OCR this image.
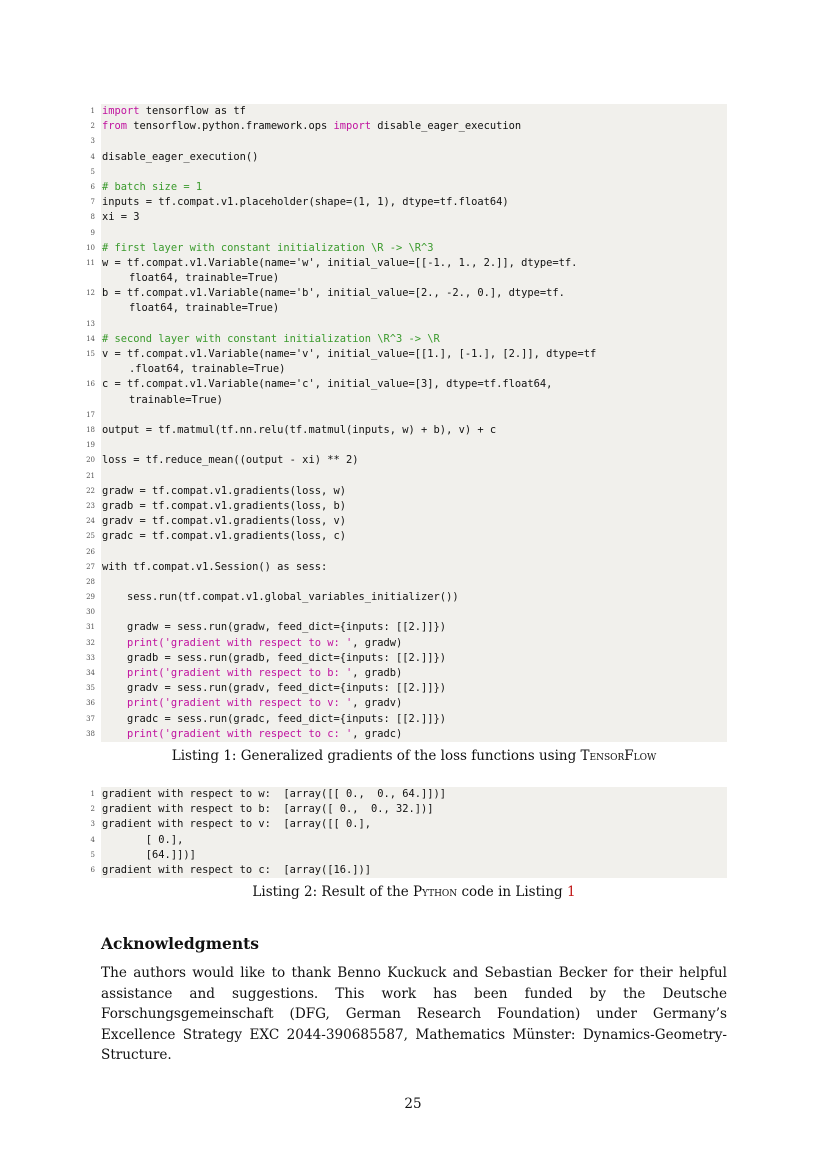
1 import tensorflow as tf
2 from tensorflow.python.framework.ops import disable_eager_execution
3
4 disable_eager_execution()
5
6 # batch size = 1
7 inputs = tf.compat.v1.placeholder(shape=(1, 1), dtype=tf.float64)
8 xi = 3
9
10 # first layer with constant initialization \R -> \R^3
11 w = tf.compat.v1.Variable(name='w', initial_value=[[-1., 1., 2.]], dtype=tf.
float64, trainable=True)
12 b = tf.compat.v1.Variable(name='b', initial_value=[2., -2., 0.], dtype=tf.
float64, trainable=True)
13
14 # second layer with constant initialization \R^3 -> \R
15 v = tf.compat.v1.Variable(name='v', initial_value=[[1.], [-1.], [2.]], dtype=tf
.float64, trainable=True)
16 c = tf.compat.v1.Variable(name='c', initial_value=[3], dtype=tf.float64,
trainable=True)
17
18 output = tf.matmul(tf.nn.relu(tf.matmul(inputs, w) + b), v) + c
19
20 loss = tf.reduce_mean((output - xi) ** 2)
21
22 gradw = tf.compat.v1.gradients(loss, w)
23 gradb = tf.compat.v1.gradients(loss, b)
24 gradv = tf.compat.v1.gradients(loss, v)
25 gradc = tf.compat.v1.gradients(loss, c)
26
27 with tf.compat.v1.Session() as sess:
28
29 sess.run(tf.compat.v1.global_variables_initializer())
30
31 gradw = sess.run(gradw, feed_dict={inputs: [[2.]]})
32	print('gradient with respect to w: ', gradw)
33 gradb = sess.run(gradb, feed_dict={inputs: [[2.]]})
34	print('gradient with respect to b: ', gradb)
35 gradv = sess.run(gradv, feed_dict={inputs: [[2.]]})
36	print('gradient with respect to v: ', gradv)
37 gradc = sess.run(gradc, feed_dict={inputs: [[2.]]})
38	print('gradient with respect to c: ', gradc)
Listing 1: Generalized gradients of the loss functions using TensorFlow
1 gradient with respect to w:  [array([[ 0.,  0., 64.]])]
2 gradient with respect to b:  [array([ 0.,  0., 32.])]
3 gradient with respect to v:  [array([[ 0.],
4 [ 0.],
5 [64.]])]
6 gradient with respect to c:  [array([16.])]
Listing 2: Result of the Python code in Listing 1
Acknowledgments

The authors would like to thank Benno Kuckuck and Sebastian Becker for their helpful assistance and suggestions. This work has been funded by the Deutsche Forschungsgemeinschaft (DFG, German Research Foundation) under Germany’s Excellence Strategy EXC 2044-390685587, Mathematics Münster: Dynamics-Geometry-Structure.

25
